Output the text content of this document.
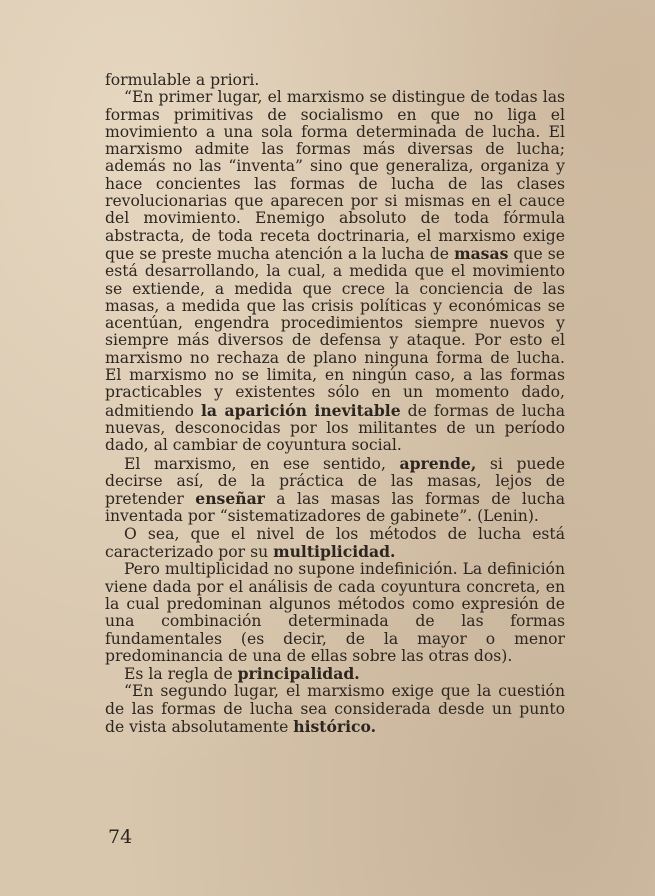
formulable a priori.

“En primer lugar, el marxismo se distingue de todas las formas primitivas de socialismo en que no liga el movimiento a una sola forma determinada de lucha. El marxismo admite las formas más diversas de lucha; además no las “inventa” sino que generaliza, organiza y hace concientes las formas de lucha de las clases revolucionarias que aparecen por si mismas en el cauce del movimiento. Enemigo absoluto de toda fórmula abstracta, de toda receta doctrinaria, el marxismo exige que se preste mucha atención a la lucha de masas que se está desarrollando, la cual, a medida que el movimiento se extiende, a medida que crece la conciencia de las masas, a medida que las crisis políticas y económicas se acentúan, engendra procedimientos siempre nuevos y siempre más diversos de defensa y ataque. Por esto el marxismo no rechaza de plano ninguna forma de lucha. El marxismo no se limita, en ningún caso, a las formas practicables y existentes sólo en un momento dado, admitiendo la aparición inevitable de formas de lucha nuevas, desconocidas por los militantes de un período dado, al cambiar de coyuntura social.

El marxismo, en ese sentido, aprende, si puede decirse así, de la práctica de las masas, lejos de pretender enseñar a las masas las formas de lucha inventada por “sistematizadores de gabinete”. (Lenin).

O sea, que el nivel de los métodos de lucha está caracterizado por su multiplicidad.

Pero multiplicidad no supone indefinición. La definición viene dada por el análisis de cada coyuntura concreta, en la cual predominan algunos métodos como expresión de una combinación determinada de las formas fundamentales (es decir, de la mayor o menor predominancia de una de ellas sobre las otras dos).

Es la regla de principalidad.

“En segundo lugar, el marxismo exige que la cuestión de las formas de lucha sea considerada desde un punto de vista absolutamente histórico.

74
